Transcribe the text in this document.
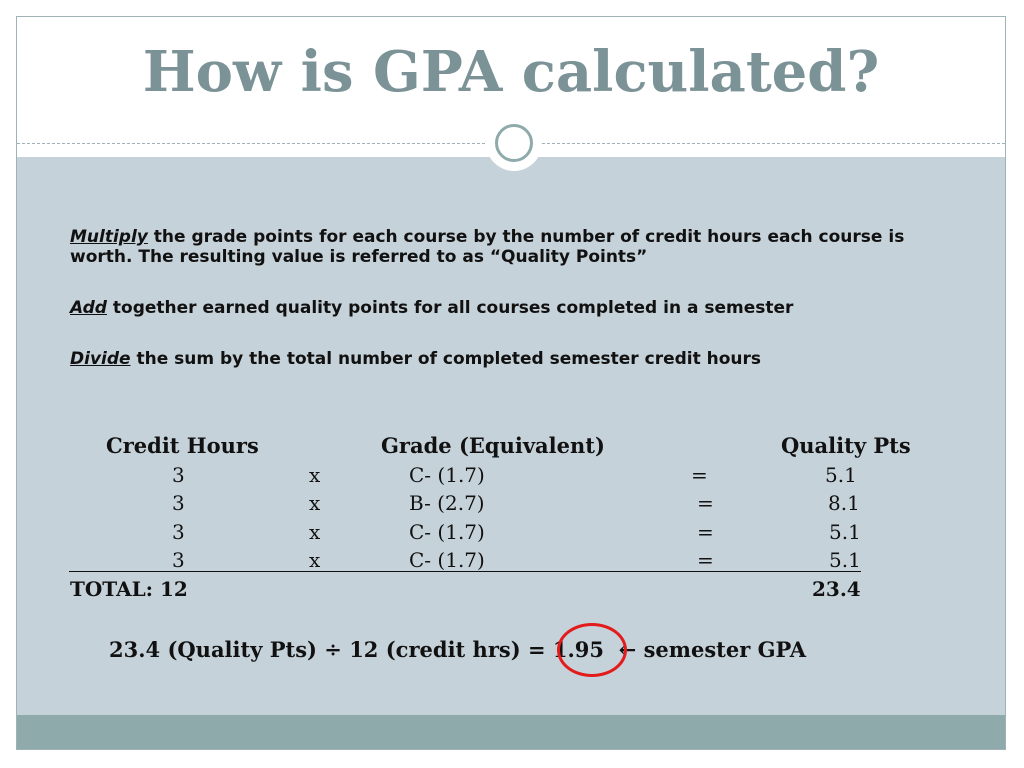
How is GPA calculated?
Multiply the grade points for each course by the number of credit hours each course is worth. The resulting value is referred to as “Quality Points”
Add together earned quality points for all courses completed in a semester
Divide the sum by the total number of completed semester credit hours
Credit Hours	Grade (Equivalent)	Quality Pts
3	x	C- (1.7)	=	5.1
3	x	B- (2.7)	=	8.1
3	x	C- (1.7)	=	5.1
3	x	C- (1.7)	=	5.1
TOTAL: 12	23.4
23.4 (Quality Pts) ÷ 12 (credit hrs) = 1.95 ← semester GPA
